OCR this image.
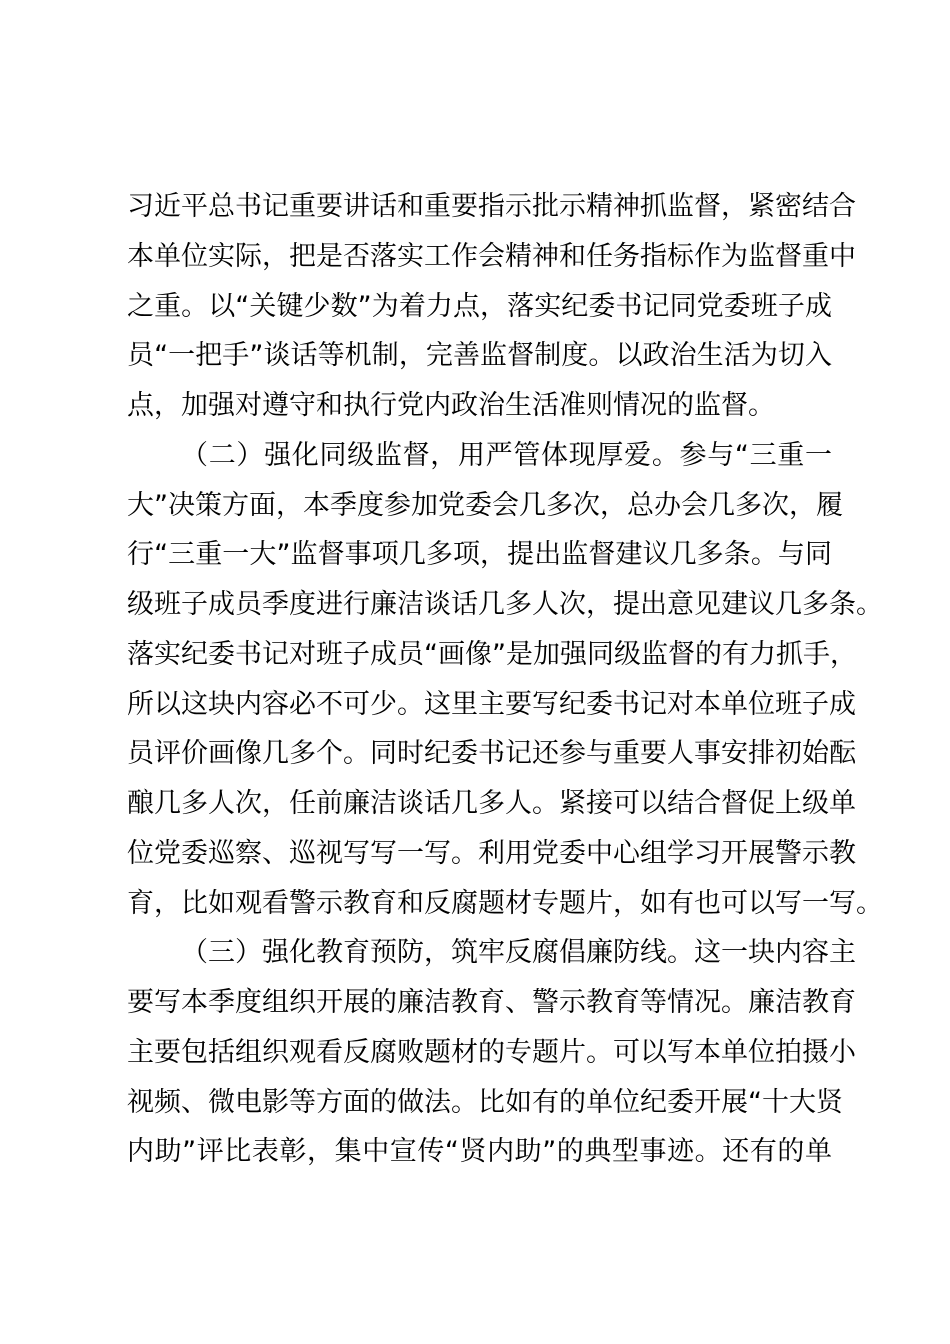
习近平总书记重要讲话和重要指示批示精神抓监督，紧密结合
本单位实际，把是否落实工作会精神和任务指标作为监督重中
之重。以“关键少数”为着力点，落实纪委书记同党委班子成
员“一把手”谈话等机制，完善监督制度。以政治生活为切入
点，加强对遵守和执行党内政治生活准则情况的监督。
（二）强化同级监督，用严管体现厚爱。参与“三重一
大”决策方面，本季度参加党委会几多次，总办会几多次，履
行“三重一大”监督事项几多项，提出监督建议几多条。与同
级班子成员季度进行廉洁谈话几多人次，提出意见建议几多条。
落实纪委书记对班子成员“画像”是加强同级监督的有力抓手，
所以这块内容必不可少。这里主要写纪委书记对本单位班子成
员评价画像几多个。同时纪委书记还参与重要人事安排初始酝
酿几多人次，任前廉洁谈话几多人。紧接可以结合督促上级单
位党委巡察、巡视写写一写。利用党委中心组学习开展警示教
育，比如观看警示教育和反腐题材专题片，如有也可以写一写。
（三）强化教育预防，筑牢反腐倡廉防线。这一块内容主
要写本季度组织开展的廉洁教育、警示教育等情况。廉洁教育
主要包括组织观看反腐败题材的专题片。可以写本单位拍摄小
视频、微电影等方面的做法。比如有的单位纪委开展“十大贤
内助”评比表彰，集中宣传“贤内助”的典型事迹。还有的单
